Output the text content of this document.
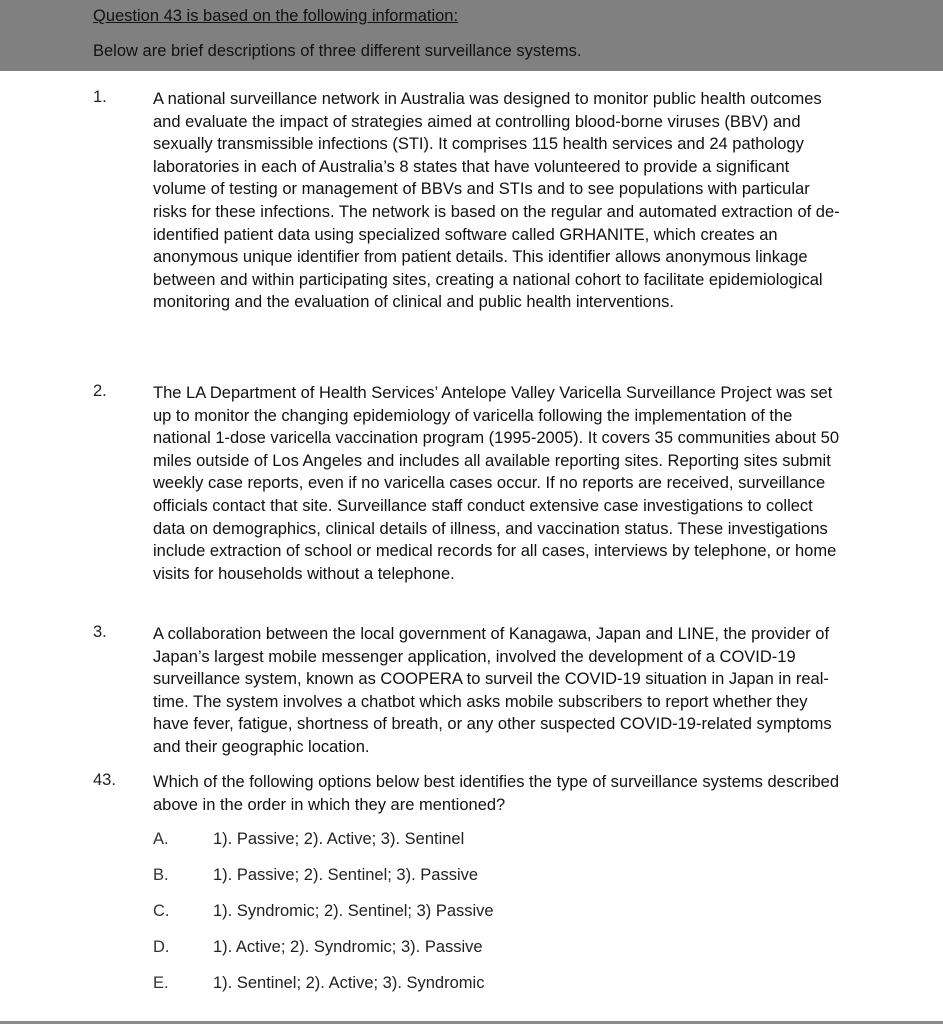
Question 43 is based on the following information:
Below are brief descriptions of three different surveillance systems.
1.	A national surveillance network in Australia was designed to monitor public health outcomes and evaluate the impact of strategies aimed at controlling blood-borne viruses (BBV) and sexually transmissible infections (STI). It comprises 115 health services and 24 pathology laboratories in each of Australia’s 8 states that have volunteered to provide a significant volume of testing or management of BBVs and STIs and to see populations with particular risks for these infections. The network is based on the regular and automated extraction of de-identified patient data using specialized software called GRHANITE, which creates an anonymous unique identifier from patient details. This identifier allows anonymous linkage between and within participating sites, creating a national cohort to facilitate epidemiological monitoring and the evaluation of clinical and public health interventions.
2.	The LA Department of Health Services’ Antelope Valley Varicella Surveillance Project was set up to monitor the changing epidemiology of varicella following the implementation of the national 1-dose varicella vaccination program (1995-2005). It covers 35 communities about 50 miles outside of Los Angeles and includes all available reporting sites. Reporting sites submit weekly case reports, even if no varicella cases occur. If no reports are received, surveillance officials contact that site. Surveillance staff conduct extensive case investigations to collect data on demographics, clinical details of illness, and vaccination status. These investigations include extraction of school or medical records for all cases, interviews by telephone, or home visits for households without a telephone.
3.	A collaboration between the local government of Kanagawa, Japan and LINE, the provider of Japan’s largest mobile messenger application, involved the development of a COVID-19 surveillance system, known as COOPERA to surveil the COVID-19 situation in Japan in real-time. The system involves a chatbot which asks mobile subscribers to report whether they have fever, fatigue, shortness of breath, or any other suspected COVID-19-related symptoms and their geographic location.
43. Which of the following options below best identifies the type of surveillance systems described above in the order in which they are mentioned?
A.	1). Passive; 2). Active; 3). Sentinel
B.	1). Passive; 2). Sentinel; 3). Passive
C.	1). Syndromic; 2). Sentinel; 3) Passive
D.	1). Active; 2). Syndromic; 3). Passive
E.	1). Sentinel; 2). Active; 3). Syndromic
